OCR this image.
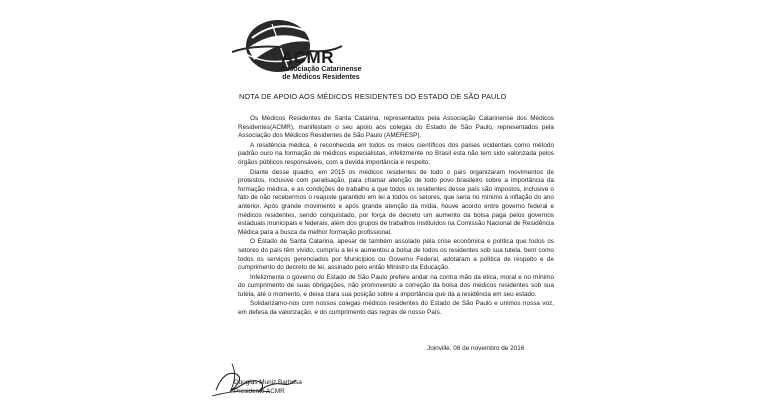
ACMR
Associação Catarinense
de Médicos Residentes
NOTA DE APOIO AOS MÉDICOS RESIDENTES DO ESTADO DE SÃO PAULO

Os Médicos Residentes de Santa Catarina, representados pela Associação Catarinense dos Médicos Residentes(ACMR), manifestam o seu apoio aos colegas do Estado de São Paulo, representados pela Associação dos Médicos Residentes de São Paulo (AMERESP).

A residência médica, é reconhecida em todos os meios científicos dos países ocidentais como método padrão ouro na formação de médicos especialistas, infelizmente no Brasil esta não tem sido valorizada pelos órgãos públicos responsáveis, com a devida importância e respeito.

Diante desse quadro, em 2015 os médicos residentes de todo o país organizaram movimentos de protestos, inclusive com paralisação, para chamar atenção de todo povo brasileiro sobre a importância da formação médica, e as condições de trabalho a que todos os residentes desse país são impostos, inclusive o fato de não recebermos o reajuste garantido em lei a todos os setores, que seria no mínimo a inflação do ano anterior. Após grande movimento e após grande atenção da mídia, houve acordo entre governo federal e médicos residentes, sendo conquistado, por força de decreto um aumento da bolsa paga pelos governos estaduais municipais e federais, além dos grupos de trabalhos instituídos na Comissão Nacional de Residência Médica para a busca da melhor formação profissional.

O Estado de Santa Catarina, apesar de também assolado pela crise econômica e política que todos os setores do país têm vivido, cumpriu a lei e aumentou a bolsa de todos os residentes sob sua tutela, bem como todos os serviços gerenciados por Municípios ou Governo Federal, adotaram a política de respeito e de cumprimento do decreto de lei, assinado pelo então Ministro da Educação.

Infelizmente o governo do Estado de São Paulo prefere andar na contra mão da ética, moral e no mínimo do cumprimento de suas obrigações, não promovendo a correção da bolsa dos médicos residentes sob sua tutela, até o momento, e deixa clara sua posição sobre a importância que da a residência em seu estado.

Solidarizamo-nos com nossos colegas médicos residentes do Estado de São Paulo e unimos nossa voz, em defesa da valorização, e do cumprimento das regras de nosso País.

Joinville, 08 de novembro de 2016
Douglas Muniz Barbosa
Presidente ACMR
